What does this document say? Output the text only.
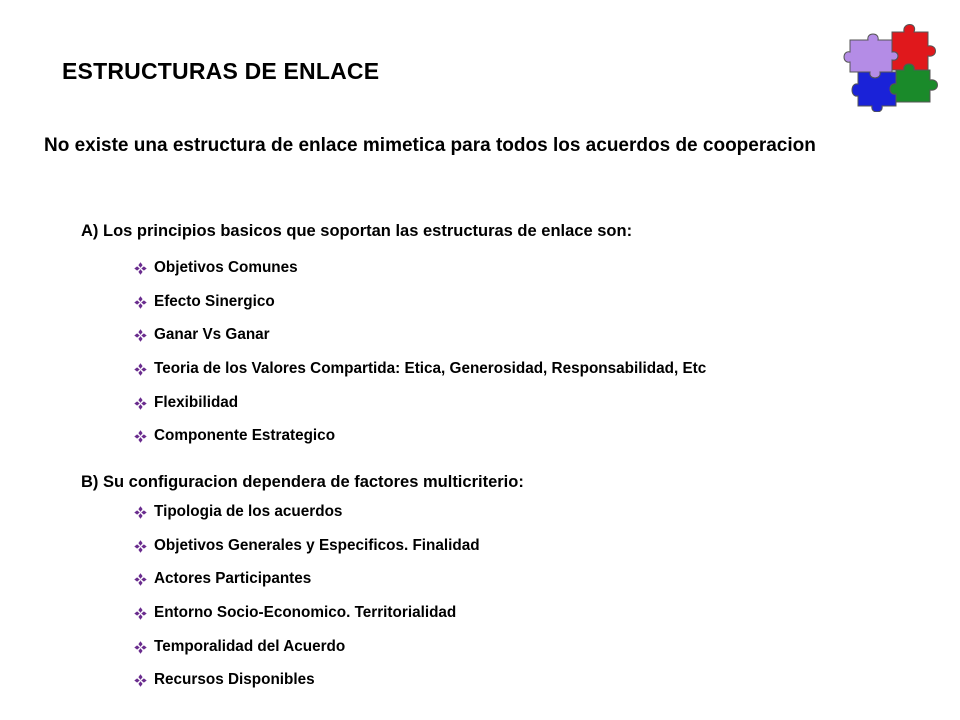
ESTRUCTURAS DE ENLACE
No existe una estructura de enlace mimetica para todos los acuerdos de cooperacion
A) Los principios basicos que soportan las estructuras de enlace son:
Objetivos Comunes
Efecto Sinergico
Ganar Vs Ganar
Teoria de los Valores Compartida: Etica, Generosidad, Responsabilidad, Etc
Flexibilidad
Componente Estrategico
B) Su configuracion dependera de factores multicriterio:
Tipologia de los acuerdos
Objetivos Generales y Especificos. Finalidad
Actores Participantes
Entorno Socio-Economico. Territorialidad
Temporalidad del Acuerdo
Recursos Disponibles
